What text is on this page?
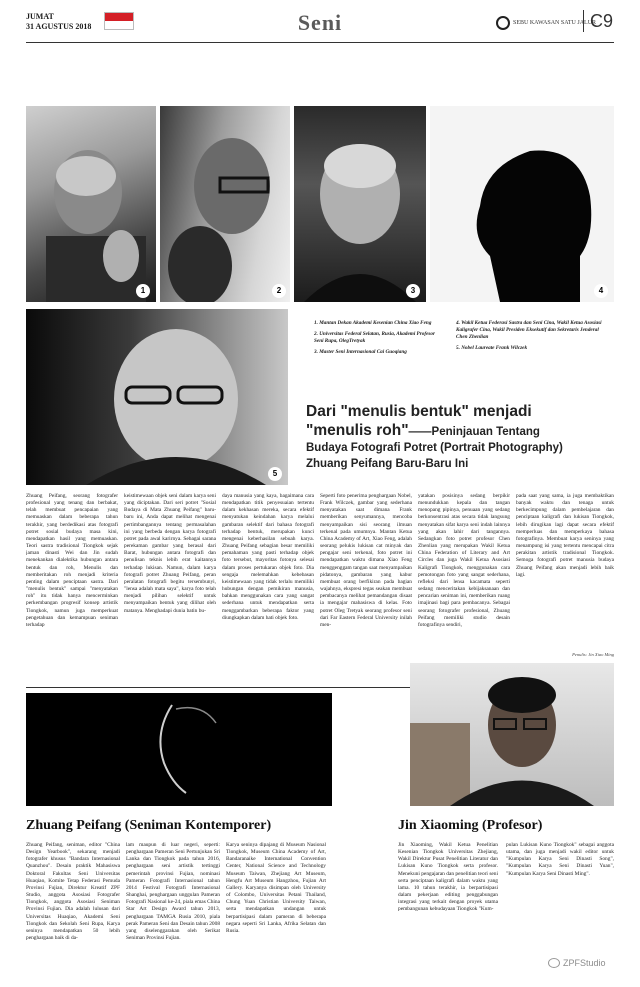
JUMAT
31 AGUSTUS 2018	Seni	SEBU KAWASAN SATU JALUR
C9
1	2	3	4
5

1. Mantan Dekan Akademi Kesenian China Xiao Feng

2. Universitas Federal Selatan, Rusia, Akademi Profesor Seni Rupa, OlegTretyak

3. Master Seni Internasional Cai Guoqiang

4. Wakil Ketua Federasi Sastra dan Seni Cina, Wakil Ketua Asosiasi Kaligrafer Cina, Wakil Presiden Eksekutif dan Sekretaris Jenderal Chen Zhenlian

5. Nobel Laureate Frank Wilczek

Dari "menulis bentuk" menjadi
"menulis roh"——Peninjauan Tentang
Budaya Fotografi Potret (Portrait Photography)
Zhuang Peifang Baru-Baru Ini
Zhuang Peifang, seorang fotografer profesional yang tenang dan berbakat, telah membuat pencapaian yang memuaskan dalam beberapa tahun terakhir, yang berdedikasi atas fotografi potret sosial budaya masa kini, mendapatkan hasil yang memuaskan. Teori sastra tradisional Tiongkok sejak jaman dinasti Wei dan Jin sudah menekankan dialektika hubungan antara bentuk dan roh, Menulis dan memberitakan roh menjadi kriteria penting dalam penciptaan sastra. Dari "menulis bentuk" sampai "menyatakan roh" itu tidak hanya mencerminkan perkembangan progresif konsep artistik Tiongkok, namun juga memperkuat pengetahuan dan kemampuan seniman terhadap
keistimewaan objek seni dalam karya seni yang diciptakan. Dari seri potret "Sosial Budaya di Mata Zhuang Peifang" baru-baru ini, Anda dapat melihat mengenai pertimbangannya tentang permasalahan ini yang berbeda dengan karya fotografi potret pada awal karirnya. Sebagai sarana perekaman gambar yang berasal dari Barat, hubungan antara fotografi dan penulisan teknis lebih erat kaitannya terhadap lukisan. Namun, dalam karya fotografi potret Zhuang Peifang, peran peralatan fotografi begitu tersembunyi, "lensa adalah mata saya", karya foto telah menjadi pilihan selektif untuk menyampaikan bentuk yang dilihat oleh matanya. Menghadapi dunia batin bu-
daya manusia yang kaya, bagaimana cara mendapatkan titik penyesuaian tertentu dalam kekhasan mereka, secara efektif menyatukan keindahan karya melalui gambaran selektif dari bahasa fotografi terhadap bentuk, merupakan kunci mengenai keberhasilan sebuah karya. Zhuang Peifang sebagian besar memiliki pemahaman yang pasti terhadap objek foto tersebut, mayoritas fotonya selesai dalam proses pertukaran objek foto. Dia sengaja melemahkan kebebasan keistimewaan yang tidak terlalu memiliki hubungan dengan pemikiran manusia, bahkan menggunakan cara yang sangat sederhana untuk mendapatkan serta menggambarkan beberapa faktor yang diungkapkan dalam hati objek foto.
Seperti foto penerima penghargaan Nobel, Frank Wilczek, gambar yang sederhana menyatakan saat dimana Frank memberikan senyumannya, mencoba menyampaikan sisi seorang ilmuan terkenal pada umumnya. Mantan Ketua China Academy of Art, Xiao Feng, adalah seorang pelukis lukisan cat minyak dan pengajar seni terkenal, foto potret ini mendapatkan waktu dimana Xiao Feng menggenggam tangan saat menyampaikan pidatonya, gambaran yang kabur membuat orang berfikiran pada bagian wajahnya, ekspresi tegas seakan membuat pembacanya melihat pemandangan disaat ia mengajar mahasiswa di kelas. Foto potret Oleg Tretyak seorang profesor seni dari Far Eastern Federal University inilah men-
yatakan posisinya sedang berpikir menundukkan kepala dan tangan menopang pipinya, penuaan yang sedang berkonsentrasi atas secara tidak langsung menyatakan sifat karya seni indah lainnya yang akan lahir dari tangannya. Sedangkan foto potret profesor Chen Zhenlian yang merupakan Wakil Ketua China Federation of Literary and Art Circles dan juga Wakil Ketua Asosiasi Kaligrafi Tiongkok, menggunakan cara pemotongan foto yang sangat sederhana, refleksi dari lensa kacamata seperti sedang menceritakan kebijaksanaan dan pencarian seniman ini, memberikan ruang imajinasi bagi para pembacanya. Sebagai seorang fotografer profesional, Zhuang Peifang memiliki studio desain fotografinya sendiri,
pada saat yang sama, ia juga membaktikan banyak waktu dan tenaga untuk berkecimpung dalam pembelajaran dan penciptaan kaligrafi dan lukisan Tiongkok, lebih dirugikan lagi dapat secara efektif memperluas dan memperkaya bahasa fotografinya. Membuat karya seninya yang menampung isi yang tertentu mencapai citra perakitan artistik tradisional Tiongkok. Semoga fotografi potret manusia budaya Zhuang Peifang akan menjadi lebih baik lagi.
Penulis: Jin Xiao Ming
Zhuang Peifang (Seniman Kontemporer)	Jin Xiaoming (Profesor)
Zhuang Peifang, seniman, editor "China Design Yearbook", sekarang menjadi fotografer khusus "Bandara Internasional Quanzhou". Desain praktik Mahasiswa Doktoral Fakultas Seni Universitas Huaqiao, Komite Tetap Federasi Pemuda Provinsi Fujian, Direktur Kreatif ZPF Studio, anggota Asosiasi Fotografer Tiongkok, anggota Asosiasi Seniman Provinsi Fujian. Dia adalah lulusan dari Universitas Huaqiao, Akademi Seni Tiongkok dan Sekolah Seni Rupa, Karya seninya mendapatkan 50 lebih penghargaan baik di da-
lam maupun di luar negeri, seperti: penghargaan Pameran Seni Pertunjukan Sri Lanka dan Tiongkok pada tahun 2016, penghargaan seni artistik tertinggi pemerintah provinsi Fujian, nominasi Pameran Fotografi Internasional tahun 2014 Festival Fotografi Internasional Shanghai, penghargaan unggulan Pameran Fotografi Nasional ke-24, piala emas China Star Art Design Award tahun 2013, penghargaan TAMGA Rusia 2010, piala perak Pameran Seni dan Desain tahun 2008 yang diselenggarakan oleh Serikat Seniman Provinsi Fujian.
Karya seninya dipajang di Museum Nasional Tiongkok, Museum China Academy of Art, Bandaranaike International Convention Center, National Science and Technology Museum Taiwan, Zhejiang Art Museum, Hengfu Art Museum Hangzhou, Fujian Art Gallery. Karyanya disimpan oleh University of Colombo, Universitas Petani Thailand, Chung Yuan Christian University Taiwan, serta mendapatkan undangan untuk berpartisipasi dalam pameran di beberapa negara seperti Sri Lanka, Afrika Selatan dan Rusia.
Jin Xiaoming, Wakil Ketua Penelitian Kesenian Tiongkok Universitas Zhejiang, Wakil Direktur Pusat Penelitian Literatur dan Lukisan Kuno Tiongkok serta profesor. Menekuni pengajaran dan penelitian teori seni serta penciptaan kaligrafi dalam waktu yang lama. 10 tahun terakhir, ia berpartisipasi dalam pekerjaan editing penggabungan integrasi yang terkait dengan proyek utama pembangunan kebudayaan Tiongkok "Kum-
pulan Lukisan Kuno Tiongkok" sebagai anggota utama, dan juga menjadi wakil editor untuk "Kumpulan Karya Seni Dinasti Song", "Kumpulan Karya Seni Dinasti Yuan", "Kumpulan Karya Seni Dinasti Ming".
ZPFStudio
